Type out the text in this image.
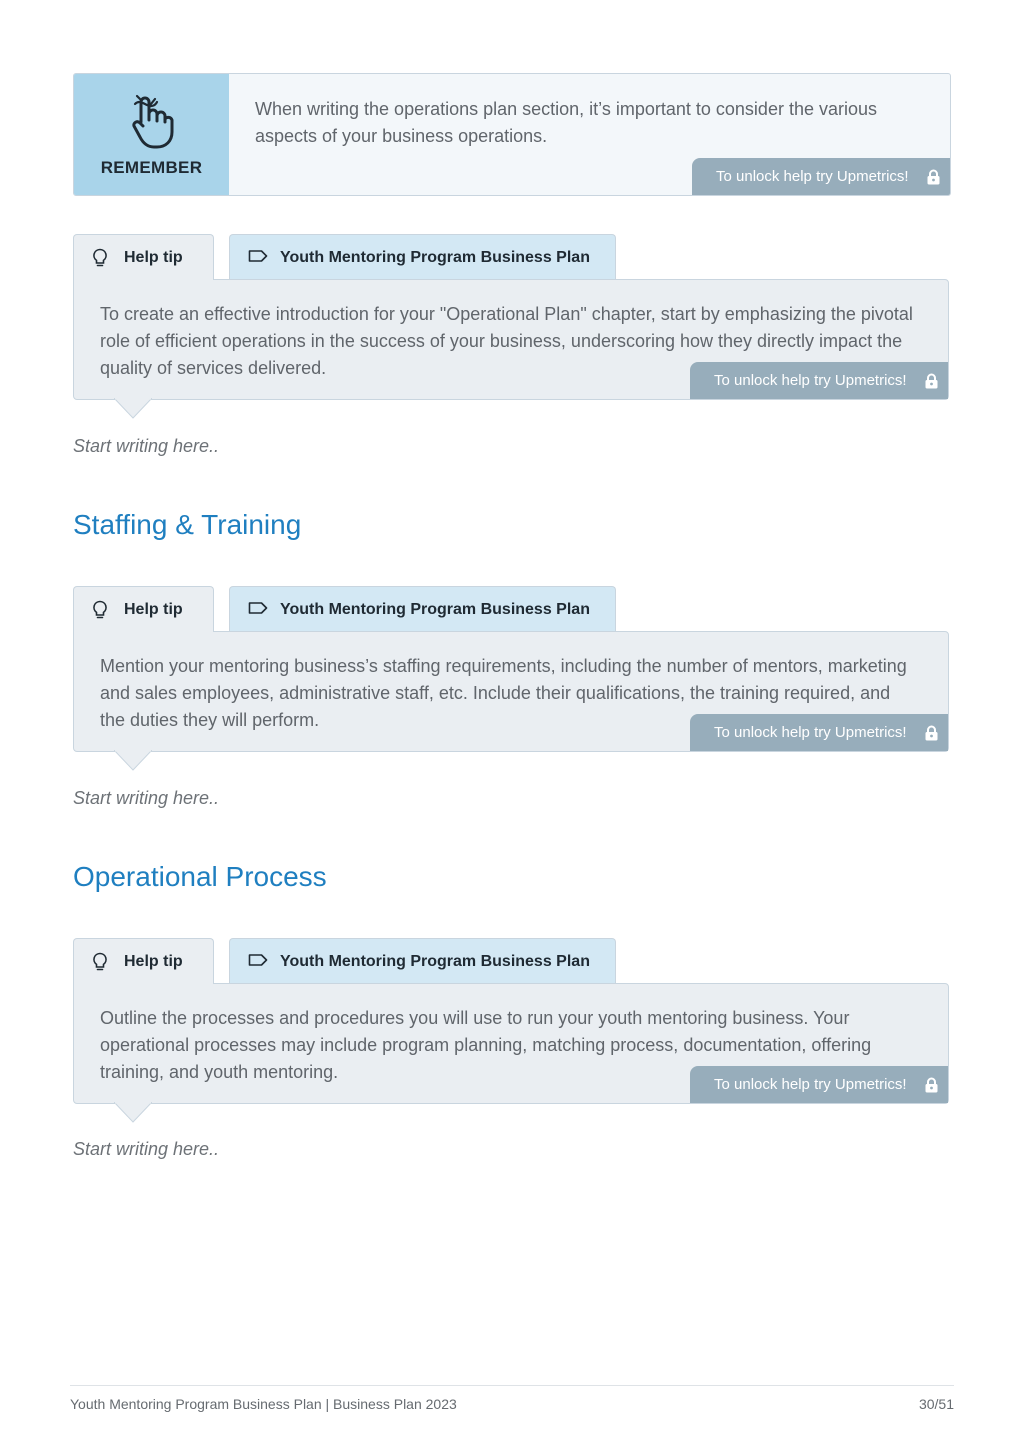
REMEMBER
When writing the operations plan section, it’s important to consider the various aspects of your business operations.
To unlock help try Upmetrics!
Help tip	Youth Mentoring Program Business Plan
To create an effective introduction for your "Operational Plan" chapter, start by emphasizing the pivotal role of efficient operations in the success of your business, underscoring how they directly impact the quality of services delivered.
To unlock help try Upmetrics!
Start writing here..
Staffing & Training
Help tip	Youth Mentoring Program Business Plan
Mention your mentoring business’s staffing requirements, including the number of mentors, marketing and sales employees, administrative staff, etc. Include their qualifications, the training required, and the duties they will perform.
To unlock help try Upmetrics!
Start writing here..
Operational Process
Help tip	Youth Mentoring Program Business Plan
Outline the processes and procedures you will use to run your youth mentoring business. Your operational processes may include program planning, matching process, documentation, offering training, and youth mentoring.
To unlock help try Upmetrics!
Start writing here..
Youth Mentoring Program Business Plan | Business Plan 2023	30/51
